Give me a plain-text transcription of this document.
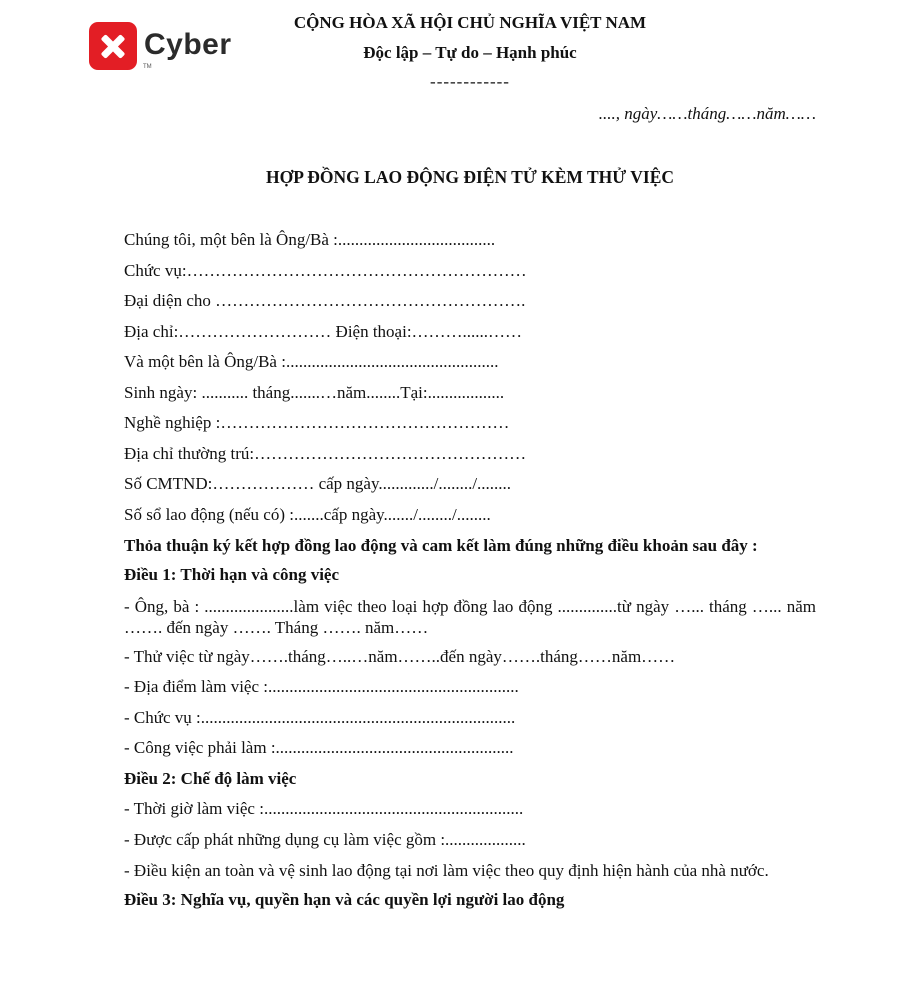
Cyber
TM
CỘNG HÒA XÃ HỘI CHỦ NGHĨA VIỆT NAM
Độc lập – Tự do – Hạnh phúc
------------
...., ngày……tháng……năm……
HỢP ĐỒNG LAO ĐỘNG ĐIỆN TỬ KÈM THỬ VIỆC
Chúng tôi, một bên là Ông/Bà :.....................................
Chức vụ:……………………………………………………
Đại diện cho ……………………………………………….
Địa chỉ:……………………… Điện thoại:………......……
Và một bên là Ông/Bà :..................................................
Sinh ngày: ........... tháng.......…năm........Tại:..................
Nghề nghiệp :……………………………………………
Địa chỉ thường trú:…………………………………………
Số CMTND:……………… cấp ngày............./......../........
Số sổ lao động (nếu có) :.......cấp ngày......./......../........
Thỏa thuận ký kết hợp đồng lao động và cam kết làm đúng những điều khoản sau đây :
Điều 1: Thời hạn và công việc
- Ông, bà : .....................làm việc theo loại hợp đồng lao động ..............từ ngày …... tháng …... năm ……. đến ngày ……. Tháng ……. năm……
- Thử việc từ ngày…….tháng…..…năm……..đến ngày…….tháng……năm……
- Địa điểm làm việc :...........................................................
- Chức vụ :..........................................................................
- Công việc phải làm :........................................................
Điều 2: Chế độ làm việc
- Thời giờ làm việc :.............................................................
- Được cấp phát những dụng cụ làm việc gồm :...................
- Điều kiện an toàn và vệ sinh lao động tại nơi làm việc theo quy định hiện hành của nhà nước.
Điều 3: Nghĩa vụ, quyền hạn và các quyền lợi người lao động
